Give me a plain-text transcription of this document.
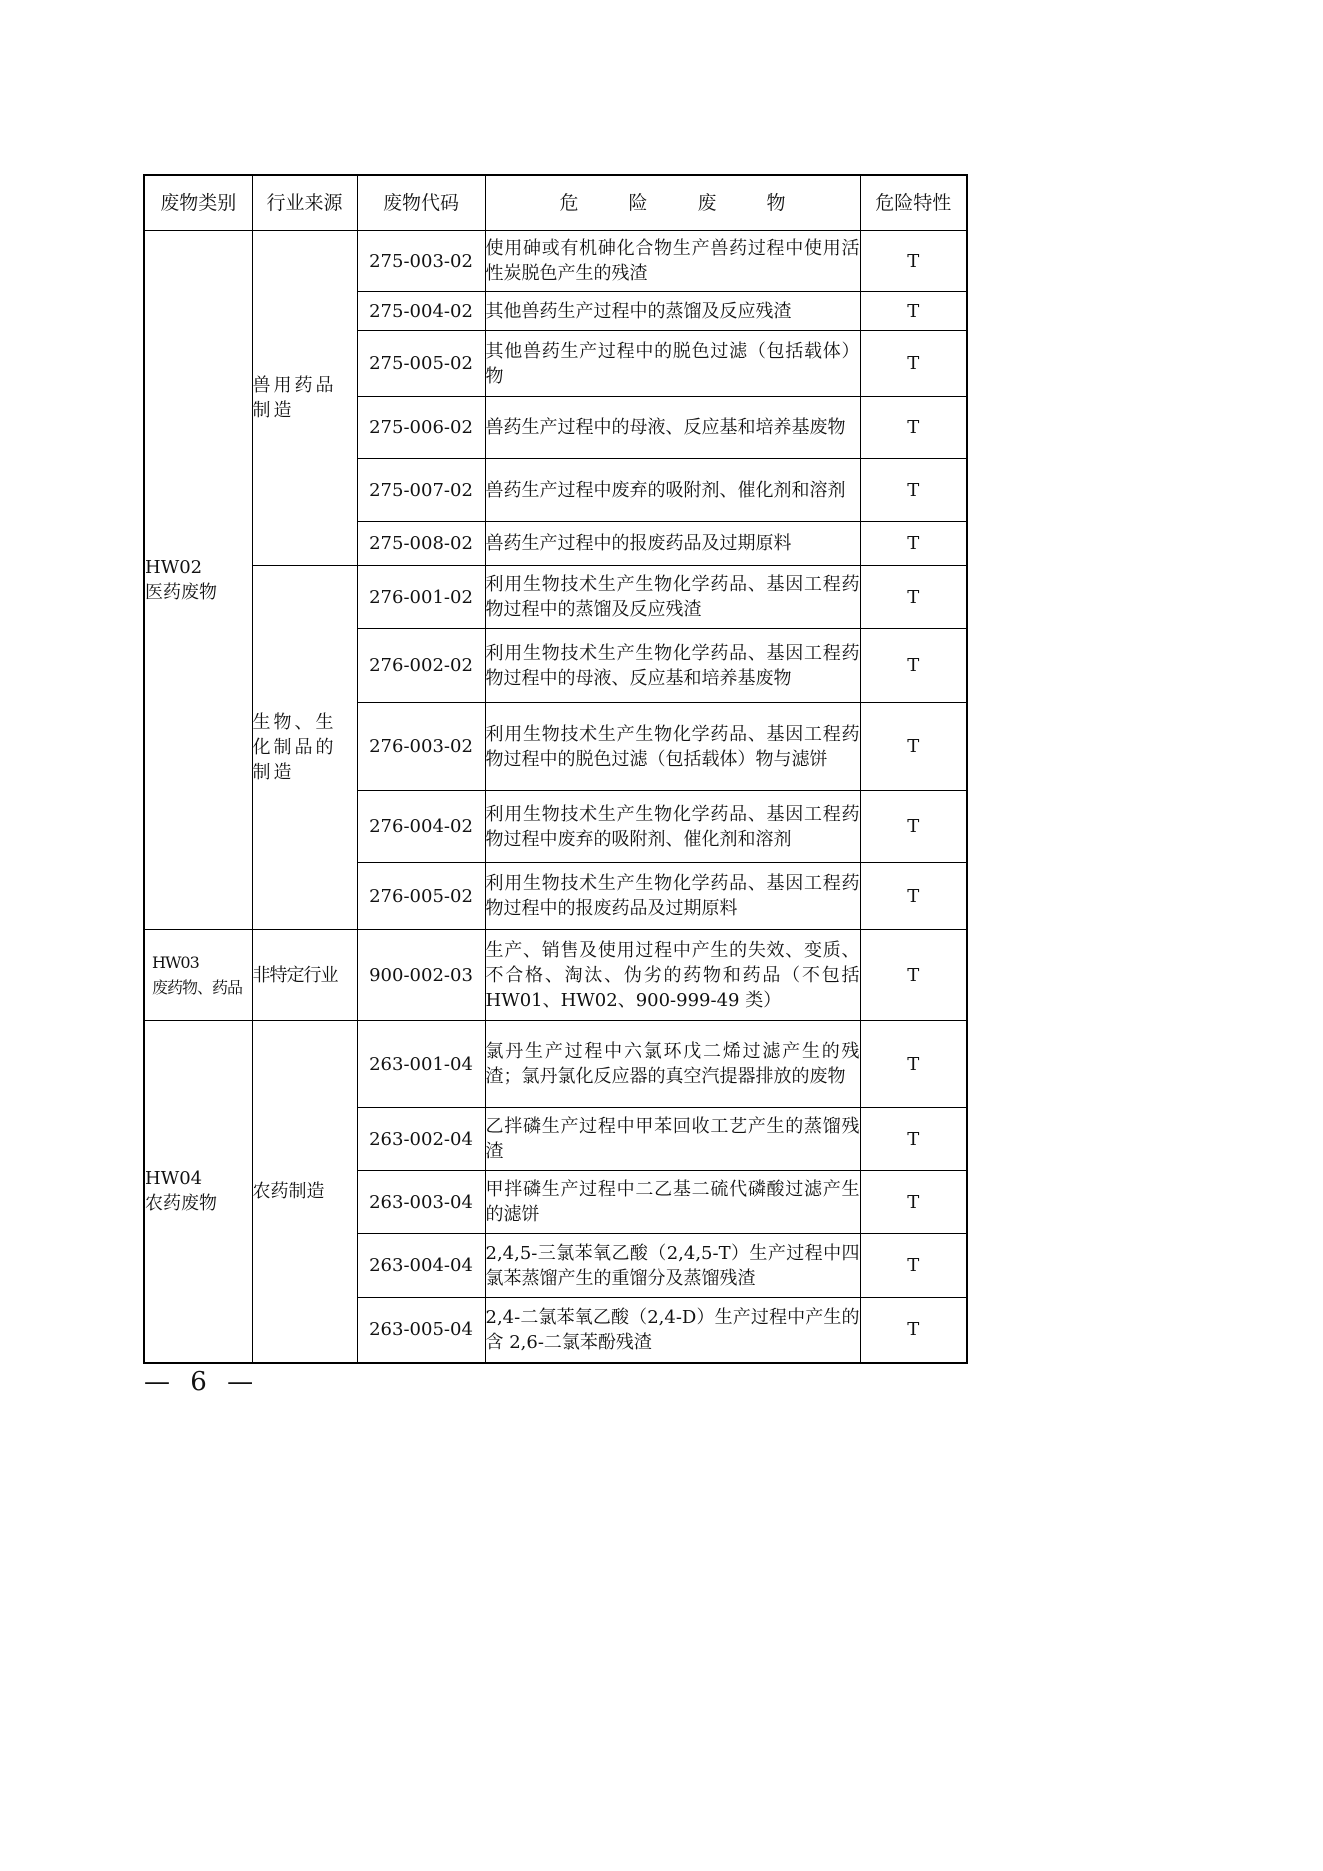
废物类别	行业来源	废物代码	危 险 废 物	危险特性
HW02
医药废物	兽用药品制造	275-003-02	使用砷或有机砷化合物生产兽药过程中使用活性炭脱色产生的残渣	T
		275-004-02	其他兽药生产过程中的蒸馏及反应残渣	T
		275-005-02	其他兽药生产过程中的脱色过滤（包括载体）物	T
		275-006-02	兽药生产过程中的母液、反应基和培养基废物	T
		275-007-02	兽药生产过程中废弃的吸附剂、催化剂和溶剂	T
		275-008-02	兽药生产过程中的报废药品及过期原料	T
	生物、生化制品的制造	276-001-02	利用生物技术生产生物化学药品、基因工程药物过程中的蒸馏及反应残渣	T
		276-002-02	利用生物技术生产生物化学药品、基因工程药物过程中的母液、反应基和培养基废物	T
		276-003-02	利用生物技术生产生物化学药品、基因工程药物过程中的脱色过滤（包括载体）物与滤饼	T
		276-004-02	利用生物技术生产生物化学药品、基因工程药物过程中废弃的吸附剂、催化剂和溶剂	T
		276-005-02	利用生物技术生产生物化学药品、基因工程药物过程中的报废药品及过期原料	T
HW03
废药物、药品	非特定行业	900-002-03	生产、销售及使用过程中产生的失效、变质、不合格、淘汰、伪劣的药物和药品（不包括 HW01、HW02、900-999-49 类）	T
HW04
农药废物	农药制造	263-001-04	氯丹生产过程中六氯环戊二烯过滤产生的残渣；氯丹氯化反应器的真空汽提器排放的废物	T
		263-002-04	乙拌磷生产过程中甲苯回收工艺产生的蒸馏残渣	T
		263-003-04	甲拌磷生产过程中二乙基二硫代磷酸过滤产生的滤饼	T
		263-004-04	2,4,5-三氯苯氧乙酸（2,4,5-T）生产过程中四氯苯蒸馏产生的重馏分及蒸馏残渣	T
		263-005-04	2,4-二氯苯氧乙酸（2,4-D）生产过程中产生的含 2,6-二氯苯酚残渣	T
— 6 —
